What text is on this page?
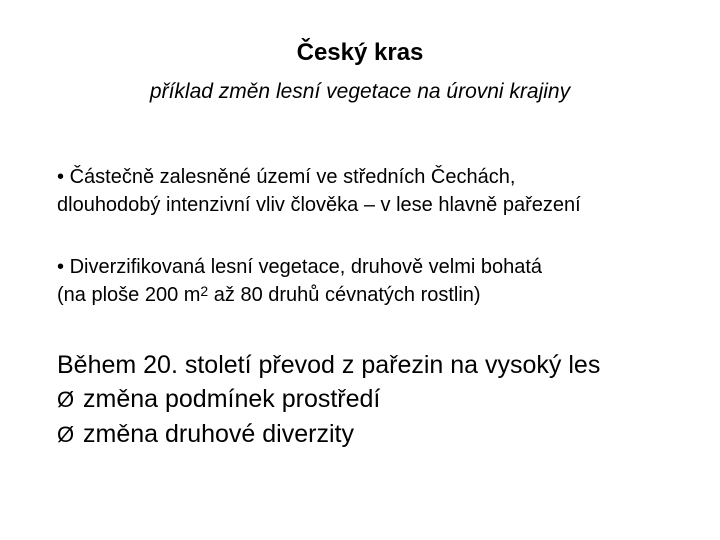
Český kras
příklad změn lesní vegetace na úrovni krajiny
• Částečně zalesněné území ve středních Čechách,
dlouhodobý intenzivní vliv člověka – v lese hlavně pařezení
• Diverzifikovaná lesní vegetace, druhově velmi bohatá
(na ploše 200 $m^2$ až 80 druhů cévnatých rostlin)
Během 20. století převod z pařezin na vysoký les
Ø změna podmínek prostředí
Ø změna druhové diverzity
